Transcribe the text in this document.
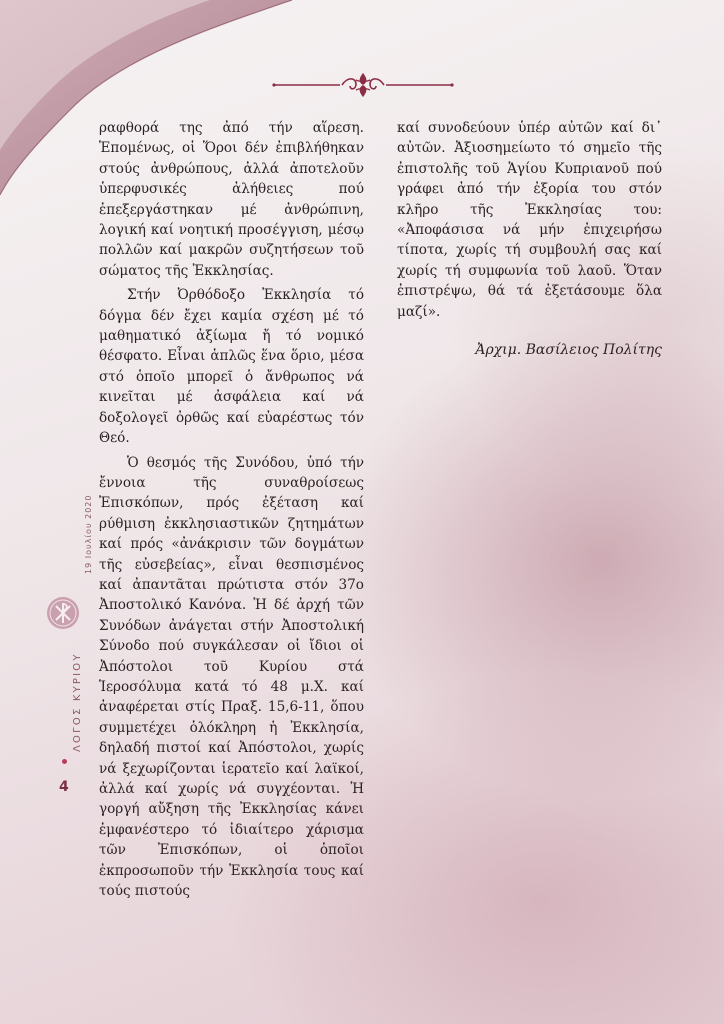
ραφθορά της ἀπό τήν αἵρεση. Ἑπομένως, οἱ Ὅροι δέν ἐπιβλήθηκαν στούς ἀνθρώπους, ἀλλά ἀποτελοῦν ὑπερφυσικές ἀλήθειες πού ἐπεξεργάστηκαν μέ ἀνθρώπινη, λογική καί νοητική προσέγγιση, μέσῳ πολλῶν καί μακρῶν συζητήσεων τοῦ σώματος τῆς Ἐκκλησίας.

Στήν Ὀρθόδοξο Ἐκκλησία τό δόγμα δέν ἔχει καμία σχέση μέ τό μαθηματικό ἀξίωμα ἤ τό νομικό θέσφατο. Εἶναι ἁπλῶς ἕνα ὅριο, μέσα στό ὁποῖο μπορεῖ ὁ ἄνθρωπος νά κινεῖται μέ ἀσφάλεια καί νά δοξολογεῖ ὀρθῶς καί εὐαρέστως τόν Θεό.

Ὁ θεσμός τῆς Συνόδου, ὑπό τήν ἔννοια τῆς συναθροίσεως Ἐπισκόπων, πρός ἐξέταση καί ρύθμιση ἐκκλησιαστικῶν ζητημάτων καί πρός «ἀνάκρισιν τῶν δογμάτων τῆς εὐσεβείας», εἶναι θεσπισμένος καί ἀπαντᾶται πρώτιστα στόν 37ο Ἀποστολικό Κανόνα. Ἡ δέ ἀρχή τῶν Συνόδων ἀνάγεται στήν Ἀποστολική Σύνοδο πού συγκάλεσαν οἱ ἴδιοι οἱ Ἀπόστολοι τοῦ Κυρίου στά Ἱεροσόλυμα κατά τό 48 μ.Χ. καί ἀναφέρεται στίς Πραξ. 15,6-11, ὅπου συμμετέχει ὁλόκληρη ἡ Ἐκκλησία, δηλαδή πιστοί καί Ἀπόστολοι, χωρίς νά ξεχωρίζονται ἱερατεῖο καί λαϊκοί, ἀλλά καί χωρίς νά συγχέονται. Ἡ γοργή αὔξηση τῆς Ἐκκλησίας κάνει ἐμφανέστερο τό ἰδιαίτερο χάρισμα τῶν Ἐπισκόπων, οἱ ὁποῖοι ἐκπροσωποῦν τήν Ἐκκλησία τους καί τούς πιστούς

καί συνοδεύουν ὑπέρ αὐτῶν καί δι᾽ αὐτῶν. Ἀξιοσημείωτο τό σημεῖο τῆς ἐπιστολῆς τοῦ Ἁγίου Κυπριανοῦ πού γράφει ἀπό τήν ἐξορία του στόν κλῆρο τῆς Ἐκκλησίας του: «Ἀποφάσισα νά μήν ἐπιχειρήσω τίποτα, χωρίς τή συμβουλή σας καί χωρίς τή συμφωνία τοῦ λαοῦ. Ὅταν ἐπιστρέψω, θά τά ἐξετάσουμε ὅλα μαζί».

Ἀρχιμ. Βασίλειος Πολίτης
19 Ιουλίου 2020
ΛΟΓΟΣ ΚΥΡΙΟΥ
4
